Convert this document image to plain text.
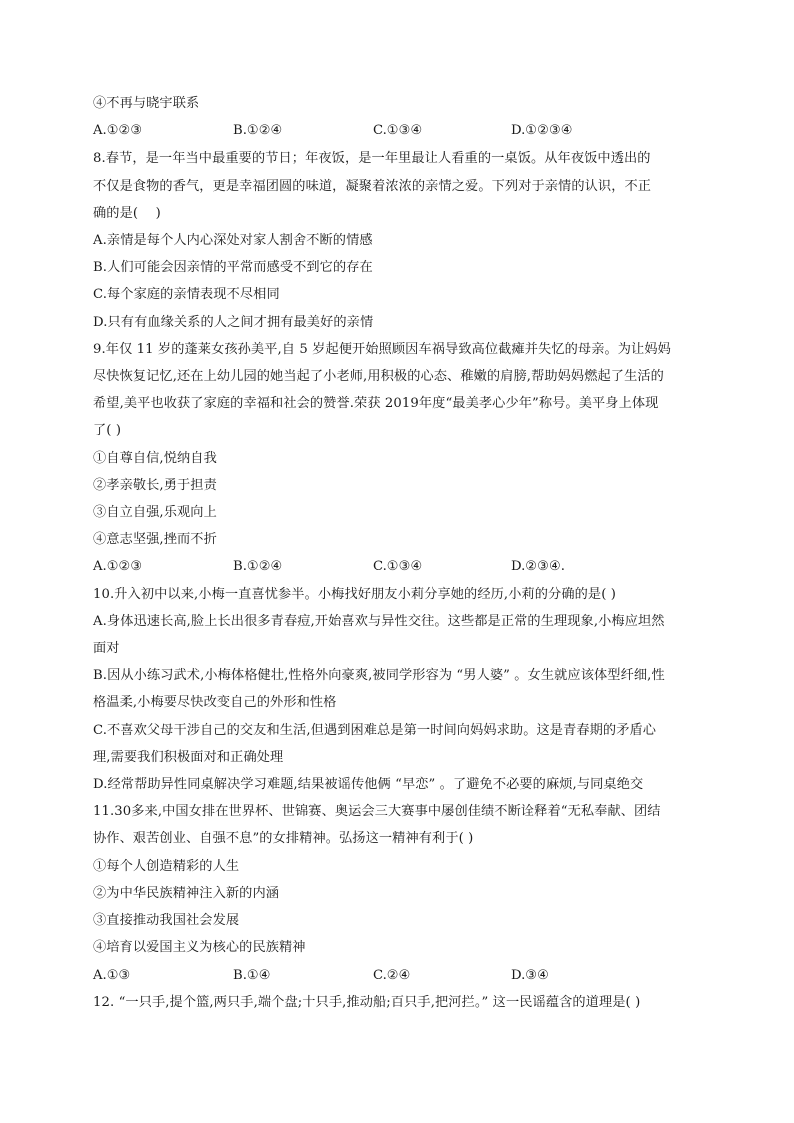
④不再与晓宇联系
A.①②③	B.①②④	C.①③④	D.①②③④
8.春节，是一年当中最重要的节日；年夜饭，是一年里最让人看重的一桌饭。从年夜饭中透出的
不仅是食物的香气，更是幸福团圆的味道，凝聚着浓浓的亲情之爱。下列对于亲情的认识，不正
确的是(　 )
A.亲情是每个人内心深处对家人割舍不断的情感
B.人们可能会因亲情的平常而感受不到它的存在
C.每个家庭的亲情表现不尽相同
D.只有有血缘关系的人之间才拥有最美好的亲情
9.年仅 11 岁的蓬莱女孩孙美平,自 5 岁起便开始照顾因车祸导致高位截瘫并失忆的母亲。为让妈妈
尽快恢复记忆,还在上幼儿园的她当起了小老师,用积极的心态、稚嫩的肩膀,帮助妈妈燃起了生活的
希望,美平也收获了家庭的幸福和社会的赞誉.荣获 2019年度“最美孝心少年”称号。美平身上体现
了( )
①自尊自信,悦纳自我
②孝亲敬长,勇于担责
③自立自强,乐观向上
④意志坚强,挫而不折
A.①②③	B.①②④	C.①③④	D.②③④.
10.升入初中以来,小梅一直喜忧参半。小梅找好朋友小莉分享她的经历,小莉的分确的是( )
A.身体迅速长高,脸上长出很多青春痘,开始喜欢与异性交往。这些都是正常的生理现象,小梅应坦然
面对
B.因从小练习武术,小梅体格健壮,性格外向豪爽,被同学形容为 “男人婆” 。女生就应该体型纤细,性
格温柔,小梅要尽快改变自己的外形和性格
C.不喜欢父母干涉自己的交友和生活,但遇到困难总是第一时间向妈妈求助。这是青春期的矛盾心
理,需要我们积极面对和正确处理
D.经常帮助异性同桌解决学习难题,结果被谣传他俩 “早恋” 。了避免不必要的麻烦,与同桌绝交
11.30多来,中国女排在世界杯、世锦赛、奥运会三大赛事中屡创佳绩不断诠释着“无私奉献、团结
协作、艰苦创业、自强不息”的女排精神。弘扬这一精神有利于( )
①每个人创造精彩的人生
②为中华民族精神注入新的内涵
③直接推动我国社会发展
④培育以爱国主义为核心的民族精神
A.①③	B.①④	C.②④	D.③④
12. “一只手,提个篮,两只手,端个盘;十只手,推动船;百只手,把河拦。” 这一民谣蕴含的道理是( )
